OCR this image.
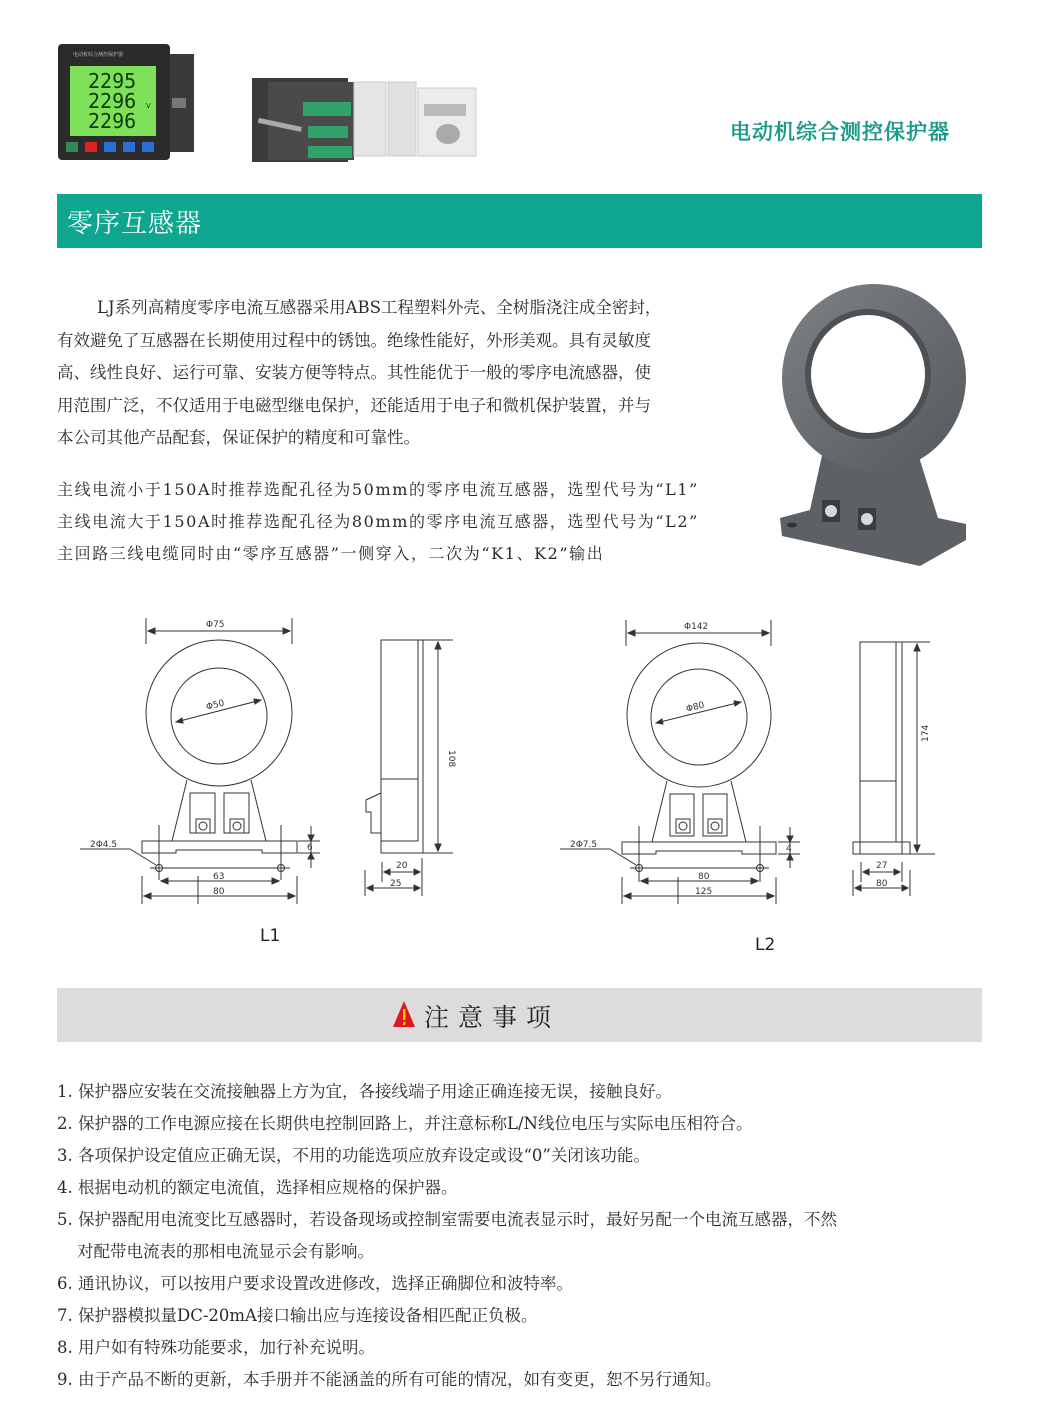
电动机综合测控保护器
2295
2296
2296
V
电动机综合测控保护器
零序互感器
LJ系列高精度零序电流互感器采用ABS工程塑料外壳、全树脂浇注成全密封，
有效避免了互感器在长期使用过程中的锈蚀。绝缘性能好，外形美观。具有灵敏度
高、线性良好、运行可靠、安装方便等特点。其性能优于一般的零序电流感器，使
用范围广泛，不仅适用于电磁型继电保护，还能适用于电子和微机保护装置，并与
本公司其他产品配套，保证保护的精度和可靠性。
主线电流小于150A时推荐选配孔径为50mm的零序电流互感器，选型代号为“L1”
主线电流大于150A时推荐选配孔径为80mm的零序电流互感器，选型代号为“L2”
主回路三线电缆同时由“零序互感器”一侧穿入，二次为“K1、K2”输出
Φ75
Φ50
2Φ4.5	6
63
80
108
20
25
L1
Φ142
Φ80
2Φ7.5	4
80
125
174
27
80
L2
注意事项
1. 保护器应安装在交流接触器上方为宜，各接线端子用途正确连接无误，接触良好。
2. 保护器的工作电源应接在长期供电控制回路上，并注意标称L/N线位电压与实际电压相符合。
3. 各项保护设定值应正确无误，不用的功能选项应放弃设定或设“0”关闭该功能。
4. 根据电动机的额定电流值，选择相应规格的保护器。
5. 保护器配用电流变比互感器时，若设备现场或控制室需要电流表显示时，最好另配一个电流互感器，不然
对配带电流表的那相电流显示会有影响。
6. 通讯协议，可以按用户要求设置改进修改，选择正确脚位和波特率。
7. 保护器模拟量DC-20mA接口输出应与连接设备相匹配正负极。
8. 用户如有特殊功能要求，加行补充说明。
9. 由于产品不断的更新，本手册并不能涵盖的所有可能的情况，如有变更，恕不另行通知。
